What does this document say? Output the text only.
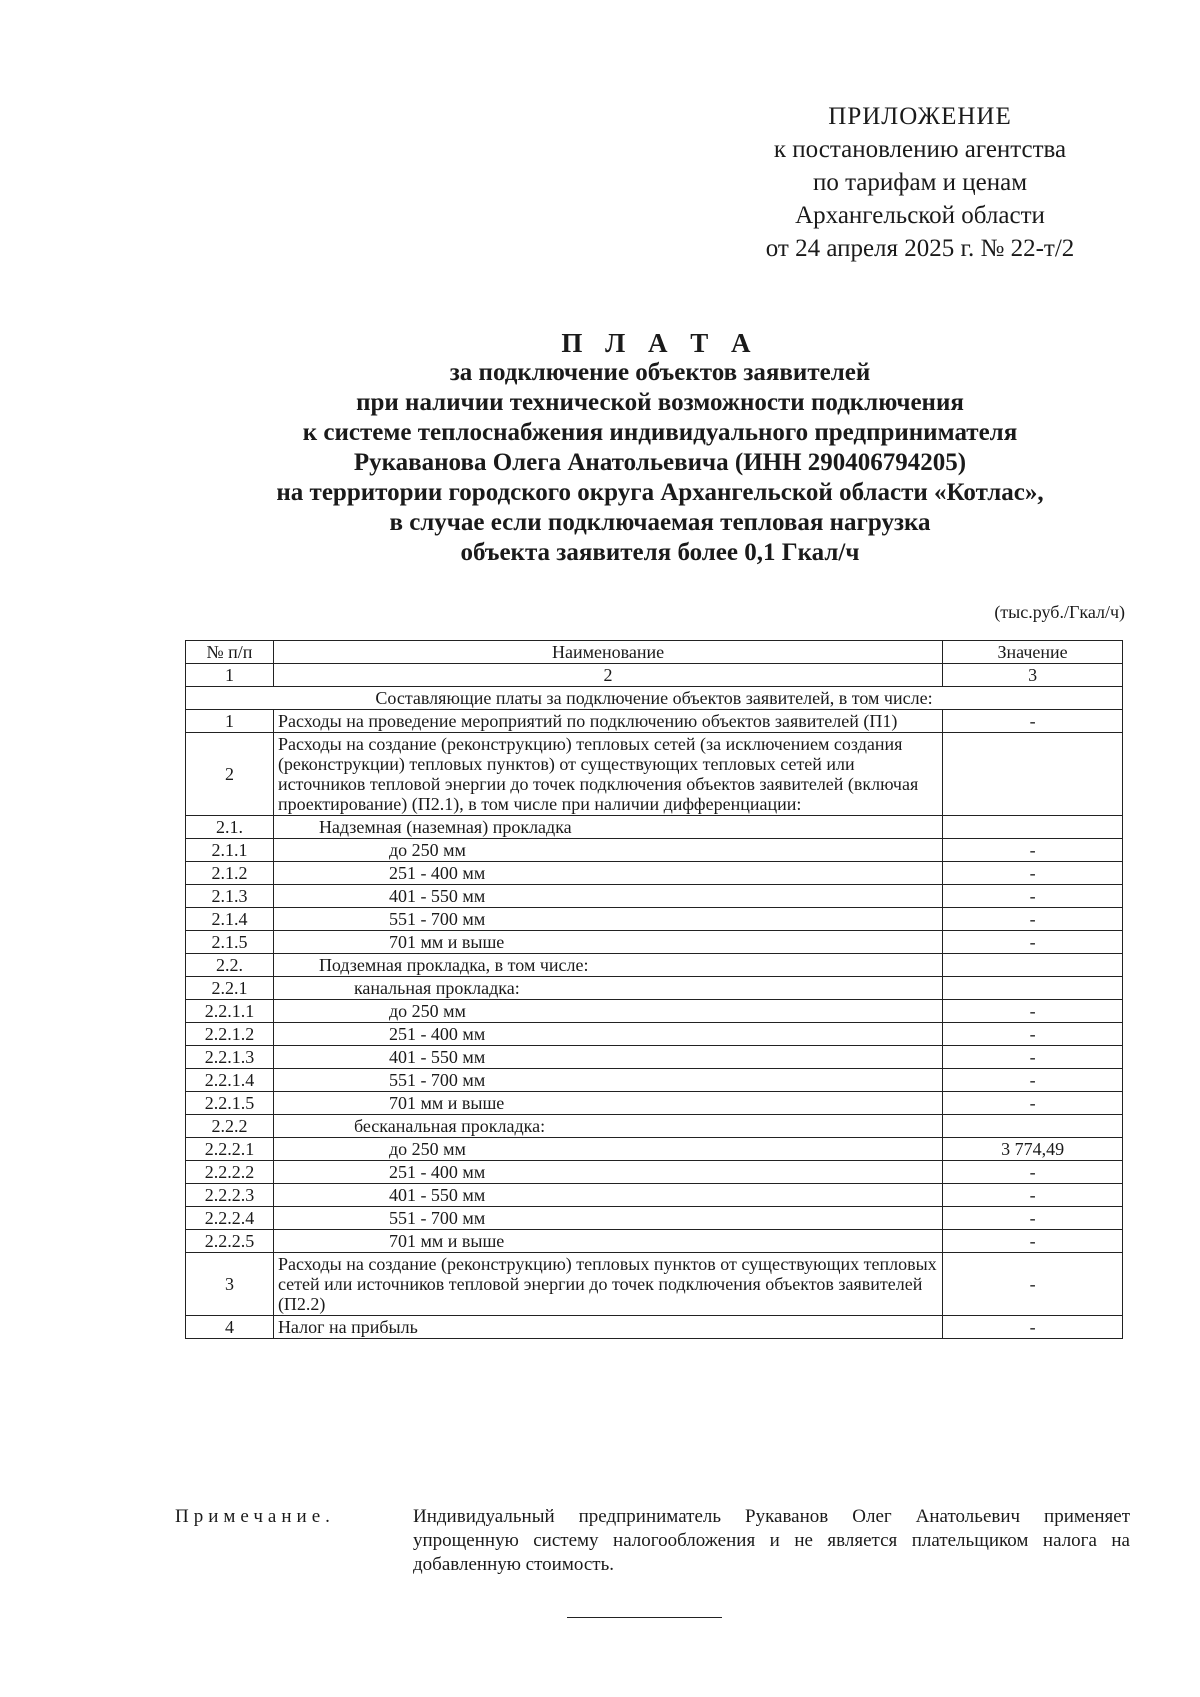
ПРИЛОЖЕНИЕ
к постановлению агентства
по тарифам и ценам
Архангельской области
от 24 апреля 2025 г. № 22-т/2
П Л А Т А
за подключение объектов заявителей
при наличии технической возможности подключения
к системе теплоснабжения индивидуального предпринимателя
Рукаванова Олега Анатольевича (ИНН 290406794205)
на территории городского округа Архангельской области «Котлас»,
в случае если подключаемая тепловая нагрузка
объекта заявителя более 0,1 Гкал/ч
(тыс.руб./Гкал/ч)
№ п/п	Наименование	Значение
1	2	3
Составляющие платы за подключение объектов заявителей, в том числе:		
1	Расходы на проведение мероприятий по подключению объектов заявителей (П1)	-
2	Расходы на создание (реконструкцию) тепловых сетей (за исключением создания (реконструкции) тепловых пунктов) от существующих тепловых сетей или источников тепловой энергии до точек подключения объектов заявителей (включая проектирование) (П2.1), в том числе при наличии дифференциации:	
2.1.	Надземная (наземная) прокладка	
2.1.1	до 250 мм	-
2.1.2	251 - 400 мм	-
2.1.3	401 - 550 мм	-
2.1.4	551 - 700 мм	-
2.1.5	701 мм и выше	-
2.2.	Подземная прокладка, в том числе:	
2.2.1	канальная прокладка:	
2.2.1.1	до 250 мм	-
2.2.1.2	251 - 400 мм	-
2.2.1.3	401 - 550 мм	-
2.2.1.4	551 - 700 мм	-
2.2.1.5	701 мм и выше	-
2.2.2	бесканальная прокладка:	
2.2.2.1	до 250 мм	3 774,49
2.2.2.2	251 - 400 мм	-
2.2.2.3	401 - 550 мм	-
2.2.2.4	551 - 700 мм	-
2.2.2.5	701 мм и выше	-
3	Расходы на создание (реконструкцию) тепловых пунктов от существующих тепловых сетей или источников тепловой энергии до точек подключения объектов заявителей (П2.2)	-
4	Налог на прибыль	-
Примечание.	Индивидуальный предприниматель Рукаванов Олег Анатольевич применяет упрощенную систему налогообложения и не является плательщиком налога на добавленную стоимость.
